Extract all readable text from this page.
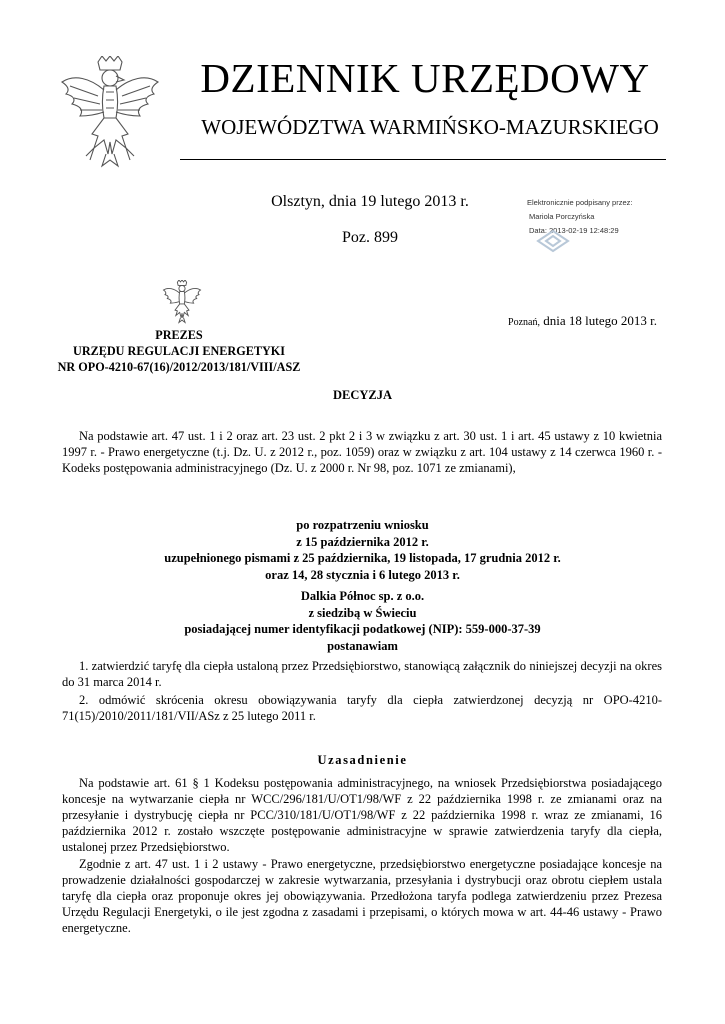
DZIENNIK URZĘDOWY
WOJEWÓDZTWA WARMIŃSKO-MAZURSKIEGO
Olsztyn, dnia 19 lutego 2013 r.
Poz. 899
Elektronicznie podpisany przez:
Mariola Porczyńska
Data: 2013-02-19 12:48:29
Poznań, dnia 18 lutego 2013 r.
PREZES
URZĘDU REGULACJI ENERGETYKI
NR OPO-4210-67(16)/2012/2013/181/VIII/ASZ
DECYZJA
Na podstawie art. 47 ust. 1 i 2 oraz art. 23 ust. 2 pkt 2 i 3 w związku z art. 30 ust. 1 i art. 45 ustawy z 10 kwietnia 1997 r. - Prawo energetyczne (t.j. Dz. U. z 2012 r., poz. 1059) oraz w związku z art. 104 ustawy z 14 czerwca 1960 r. - Kodeks postępowania administracyjnego (Dz. U. z 2000 r. Nr 98, poz. 1071 ze zmianami),
po rozpatrzeniu wniosku
z 15 października 2012 r.
uzupełnionego pismami z 25 października, 19 listopada, 17 grudnia 2012 r.
oraz 14, 28 stycznia i 6 lutego 2013 r.
Dalkia Północ sp. z o.o.
z siedzibą w Świeciu
posiadającej numer identyfikacji podatkowej (NIP): 559-000-37-39
postanawiam
1. zatwierdzić taryfę dla ciepła ustaloną przez Przedsiębiorstwo, stanowiącą załącznik do niniejszej decyzji na okres do 31 marca 2014 r.
2. odmówić skrócenia okresu obowiązywania taryfy dla ciepła zatwierdzonej decyzją nr OPO-4210-71(15)/2010/2011/181/VII/ASz z 25 lutego 2011 r.
Uzasadnienie
Na podstawie art. 61 § 1 Kodeksu postępowania administracyjnego, na wniosek Przedsiębiorstwa posiadającego koncesje na wytwarzanie ciepła nr WCC/296/181/U/OT1/98/WF z 22 października 1998 r. ze zmianami oraz na przesyłanie i dystrybucję ciepła nr PCC/310/181/U/OT1/98/WF z 22 października 1998 r. wraz ze zmianami, 16 października 2012 r. zostało wszczęte postępowanie administracyjne w sprawie zatwierdzenia taryfy dla ciepła, ustalonej przez Przedsiębiorstwo.
Zgodnie z art. 47 ust. 1 i 2 ustawy - Prawo energetyczne, przedsiębiorstwo energetyczne posiadające koncesje na prowadzenie działalności gospodarczej w zakresie wytwarzania, przesyłania i dystrybucji oraz obrotu ciepłem ustala taryfę dla ciepła oraz proponuje okres jej obowiązywania. Przedłożona taryfa podlega zatwierdzeniu przez Prezesa Urzędu Regulacji Energetyki, o ile jest zgodna z zasadami i przepisami, o których mowa w art. 44-46 ustawy - Prawo energetyczne.
